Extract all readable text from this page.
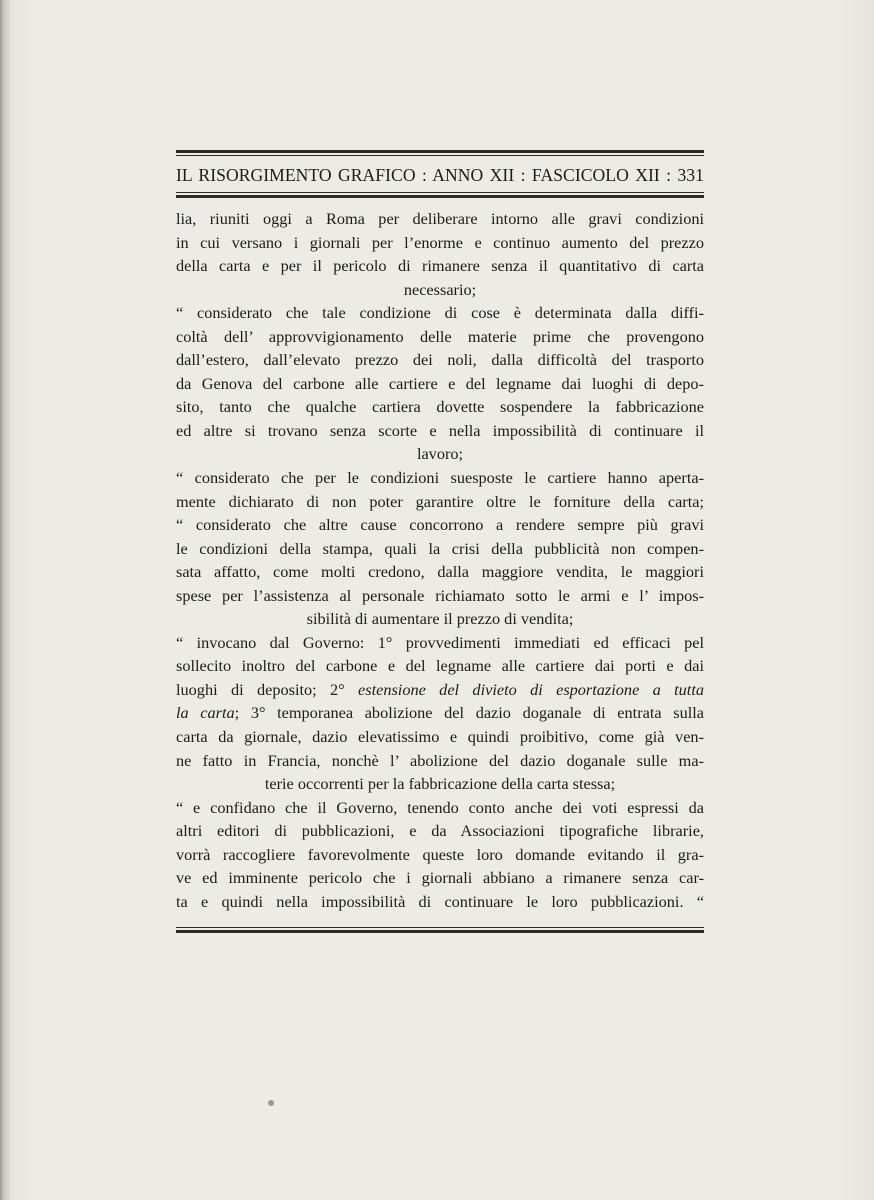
IL RISORGIMENTO GRAFICO : ANNO XII : FASCICOLO XII : 331
lia, riuniti oggi a Roma per deliberare intorno alle gravi condizioni
in cui versano i giornali per l’enorme e continuo aumento del prezzo
della carta e per il pericolo di rimanere senza il quantitativo di carta
necessario;
“ considerato che tale condizione di cose è determinata dalla diffi-
coltà dell’ approvvigionamento delle materie prime che provengono
dall’estero, dall’elevato prezzo dei noli, dalla difficoltà del trasporto
da Genova del carbone alle cartiere e del legname dai luoghi di depo-
sito, tanto che qualche cartiera dovette sospendere la fabbricazione
ed altre si trovano senza scorte e nella impossibilità di continuare il
lavoro;
“ considerato che per le condizioni suesposte le cartiere hanno aperta-
mente dichiarato di non poter garantire oltre le forniture della carta;
“ considerato che altre cause concorrono a rendere sempre più gravi
le condizioni della stampa, quali la crisi della pubblicità non compen-
sata affatto, come molti credono, dalla maggiore vendita, le maggiori
spese per l’assistenza al personale richiamato sotto le armi e l’ impos-
sibilità di aumentare il prezzo di vendita;
“ invocano dal Governo: 1° provvedimenti immediati ed efficaci pel
sollecito inoltro del carbone e del legname alle cartiere dai porti e dai
luoghi di deposito; 2° estensione del divieto di esportazione a tutta
la carta; 3° temporanea abolizione del dazio doganale di entrata sulla
carta da giornale, dazio elevatissimo e quindi proibitivo, come già ven-
ne fatto in Francia, nonchè l’ abolizione del dazio doganale sulle ma-
terie occorrenti per la fabbricazione della carta stessa;
“ e confidano che il Governo, tenendo conto anche dei voti espressi da
altri editori di pubblicazioni, e da Associazioni tipografiche librarie,
vorrà raccogliere favorevolmente queste loro domande evitando il gra-
ve ed imminente pericolo che i giornali abbiano a rimanere senza car-
ta e quindi nella impossibilità di continuare le loro pubblicazioni. “
